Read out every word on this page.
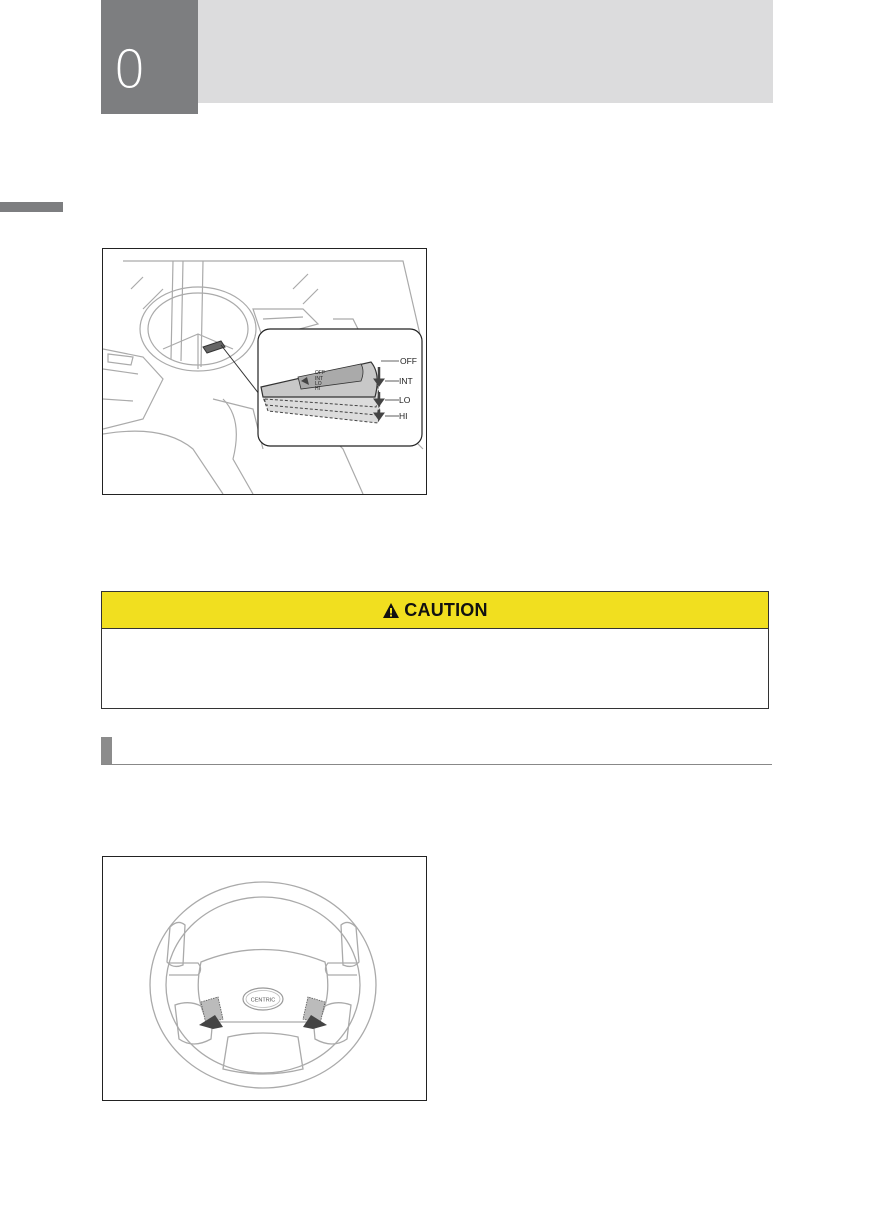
0
OFF
INT
LO
HI
OFF
INT
LO
HI
CAUTION
CENTRIC
